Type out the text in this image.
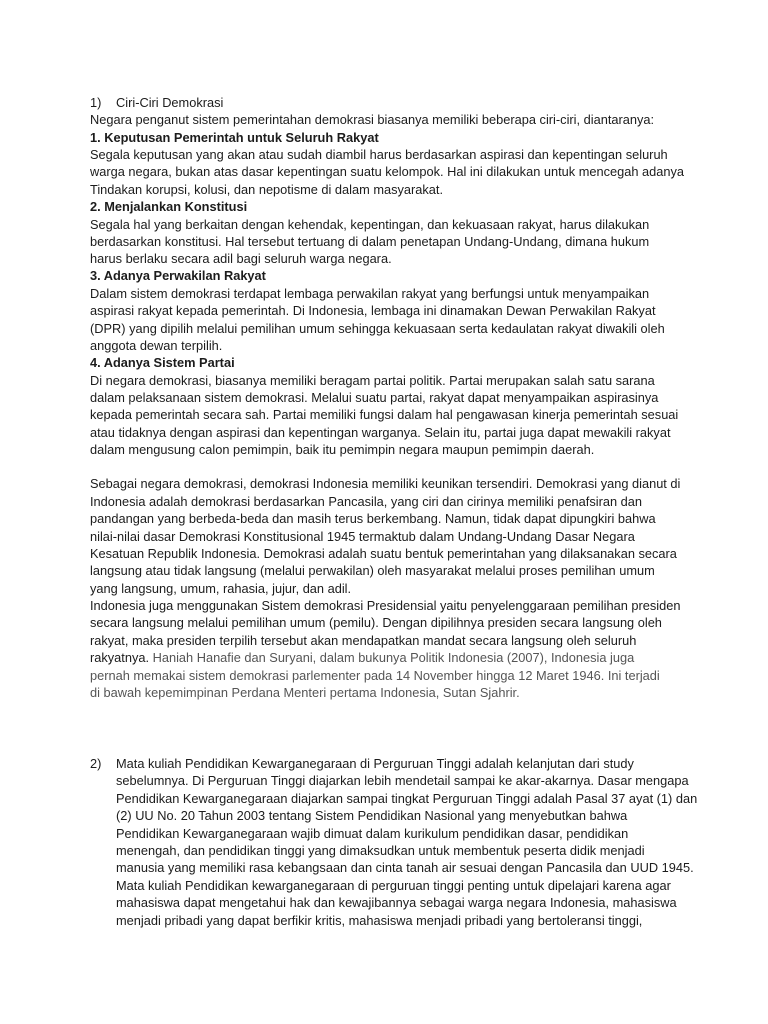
1) Ciri-Ciri Demokrasi
Negara penganut sistem pemerintahan demokrasi biasanya memiliki beberapa ciri-ciri, diantaranya:
1. Keputusan Pemerintah untuk Seluruh Rakyat
Segala keputusan yang akan atau sudah diambil harus berdasarkan aspirasi dan kepentingan seluruh
warga negara, bukan atas dasar kepentingan suatu kelompok. Hal ini dilakukan untuk mencegah adanya
Tindakan korupsi, kolusi, dan nepotisme di dalam masyarakat.
2. Menjalankan Konstitusi
Segala hal yang berkaitan dengan kehendak, kepentingan, dan kekuasaan rakyat, harus dilakukan
berdasarkan konstitusi. Hal tersebut tertuang di dalam penetapan Undang-Undang, dimana hukum
harus berlaku secara adil bagi seluruh warga negara.
3. Adanya Perwakilan Rakyat
Dalam sistem demokrasi terdapat lembaga perwakilan rakyat yang berfungsi untuk menyampaikan
aspirasi rakyat kepada pemerintah. Di Indonesia, lembaga ini dinamakan Dewan Perwakilan Rakyat
(DPR) yang dipilih melalui pemilihan umum sehingga kekuasaan serta kedaulatan rakyat diwakili oleh
anggota dewan terpilih.
4. Adanya Sistem Partai
Di negara demokrasi, biasanya memiliki beragam partai politik. Partai merupakan salah satu sarana
dalam pelaksanaan sistem demokrasi. Melalui suatu partai, rakyat dapat menyampaikan aspirasinya
kepada pemerintah secara sah. Partai memiliki fungsi dalam hal pengawasan kinerja pemerintah sesuai
atau tidaknya dengan aspirasi dan kepentingan warganya. Selain itu, partai juga dapat mewakili rakyat
dalam mengusung calon pemimpin, baik itu pemimpin negara maupun pemimpin daerah.
Sebagai negara demokrasi, demokrasi Indonesia memiliki keunikan tersendiri. Demokrasi yang dianut di
Indonesia adalah demokrasi berdasarkan Pancasila, yang ciri dan cirinya memiliki penafsiran dan
pandangan yang berbeda-beda dan masih terus berkembang. Namun, tidak dapat dipungkiri bahwa
nilai-nilai dasar Demokrasi Konstitusional 1945 termaktub dalam Undang-Undang Dasar Negara
Kesatuan Republik Indonesia. Demokrasi adalah suatu bentuk pemerintahan yang dilaksanakan secara
langsung atau tidak langsung (melalui perwakilan) oleh masyarakat melalui proses pemilihan umum
yang langsung, umum, rahasia, jujur, dan adil.
Indonesia juga menggunakan Sistem demokrasi Presidensial yaitu penyelenggaraan pemilihan presiden
secara langsung melalui pemilihan umum (pemilu). Dengan dipilihnya presiden secara langsung oleh
rakyat, maka presiden terpilih tersebut akan mendapatkan mandat secara langsung oleh seluruh
rakyatnya. Haniah Hanafie dan Suryani, dalam bukunya Politik Indonesia (2007), Indonesia juga
pernah memakai sistem demokrasi parlementer pada 14 November hingga 12 Maret 1946. Ini terjadi
di bawah kepemimpinan Perdana Menteri pertama Indonesia, Sutan Sjahrir.
2) Mata kuliah Pendidikan Kewarganegaraan di Perguruan Tinggi adalah kelanjutan dari study
sebelumnya. Di Perguruan Tinggi diajarkan lebih mendetail sampai ke akar-akarnya. Dasar mengapa
Pendidikan Kewarganegaraan diajarkan sampai tingkat Perguruan Tinggi adalah Pasal 37 ayat (1) dan
(2) UU No. 20 Tahun 2003 tentang Sistem Pendidikan Nasional yang menyebutkan bahwa
Pendidikan Kewarganegaraan wajib dimuat dalam kurikulum pendidikan dasar, pendidikan
menengah, dan pendidikan tinggi yang dimaksudkan untuk membentuk peserta didik menjadi
manusia yang memiliki rasa kebangsaan dan cinta tanah air sesuai dengan Pancasila dan UUD 1945.
Mata kuliah Pendidikan kewarganegaraan di perguruan tinggi penting untuk dipelajari karena agar
mahasiswa dapat mengetahui hak dan kewajibannya sebagai warga negara Indonesia, mahasiswa
menjadi pribadi yang dapat berfikir kritis, mahasiswa menjadi pribadi yang bertoleransi tinggi,
